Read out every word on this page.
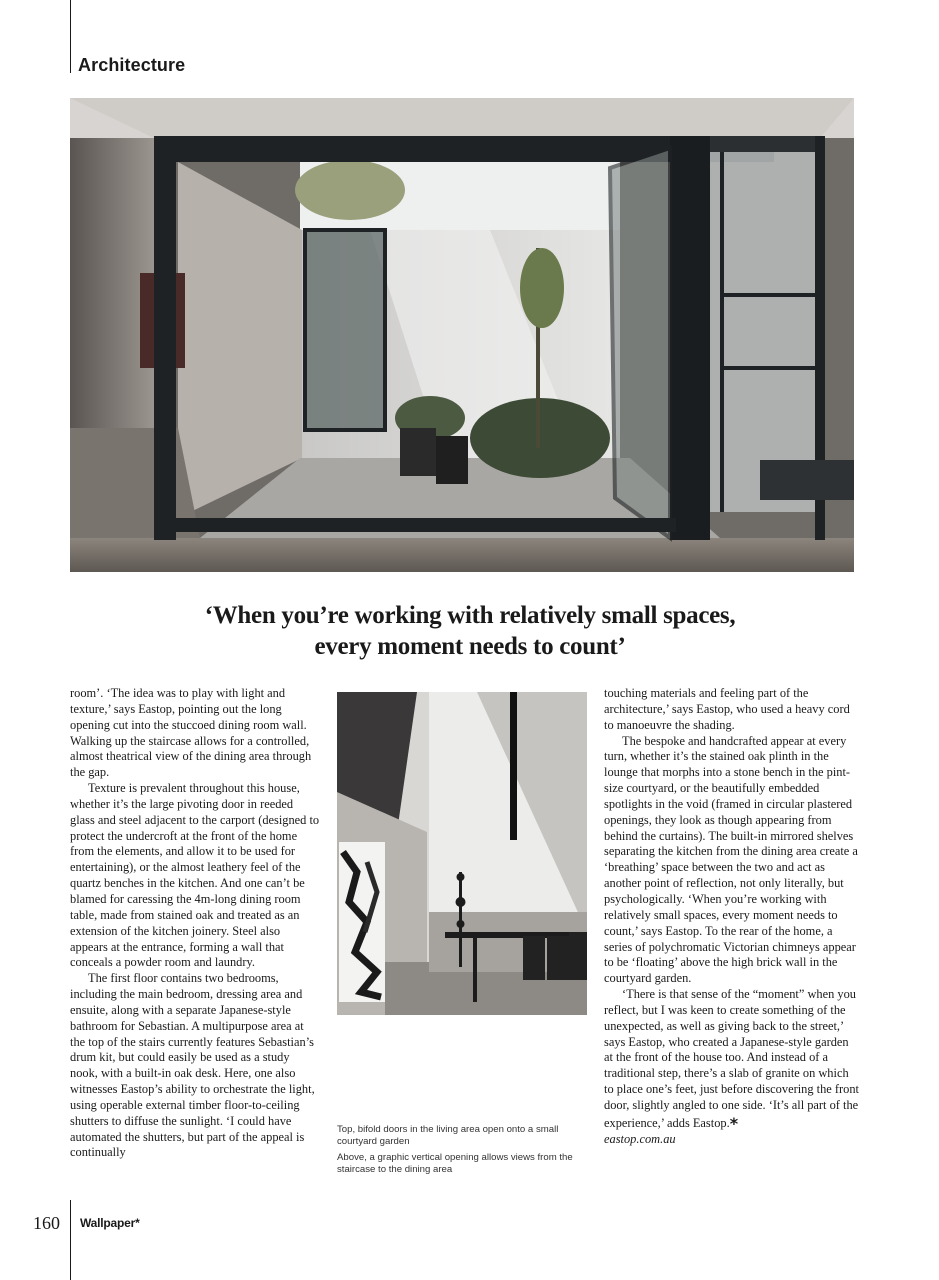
Architecture
‘When you’re working with relatively small spaces, every moment needs to count’

room’. ‘The idea was to play with light and texture,’ says Eastop, pointing out the long opening cut into the stuccoed dining room wall. Walking up the staircase allows for a controlled, almost theatrical view of the dining area through the gap.

Texture is prevalent throughout this house, whether it’s the large pivoting door in reeded glass and steel adjacent to the carport (designed to protect the undercroft at the front of the home from the elements, and allow it to be used for entertaining), or the almost leathery feel of the quartz benches in the kitchen. And one can’t be blamed for caressing the 4m-long dining room table, made from stained oak and treated as an extension of the kitchen joinery. Steel also appears at the entrance, forming a wall that conceals a powder room and laundry.

The first floor contains two bedrooms, including the main bedroom, dressing area and ensuite, along with a separate Japanese-style bathroom for Sebastian. A multipurpose area at the top of the stairs currently features Sebastian’s drum kit, but could easily be used as a study nook, with a built-in oak desk. Here, one also witnesses Eastop’s ability to orchestrate the light, using operable external timber floor-to-ceiling shutters to diffuse the sunlight. ‘I could have automated the shutters, but part of the appeal is continually

Top, bifold doors in the living area open onto a small courtyard garden
Above, a graphic vertical opening allows views from the staircase to the dining area

touching materials and feeling part of the architecture,’ says Eastop, who used a heavy cord to manoeuvre the shading.

The bespoke and handcrafted appear at every turn, whether it’s the stained oak plinth in the lounge that morphs into a stone bench in the pint-size courtyard, or the beautifully embedded spotlights in the void (framed in circular plastered openings, they look as though appearing from behind the curtains). The built-in mirrored shelves separating the kitchen from the dining area create a ‘breathing’ space between the two and act as another point of reflection, not only literally, but psychologically. ‘When you’re working with relatively small spaces, every moment needs to count,’ says Eastop. To the rear of the home, a series of polychromatic Victorian chimneys appear to be ‘floating’ above the high brick wall in the courtyard garden.

‘There is that sense of the “moment” when you reflect, but I was keen to create something of the unexpected, as well as giving back to the street,’ says Eastop, who created a Japanese-style garden at the front of the house too. And instead of a traditional step, there’s a slab of granite on which to place one’s feet, just before discovering the front door, slightly angled to one side. ‘It’s all part of the experience,’ adds Eastop.*

eastop.com.au

160 Wallpaper*
